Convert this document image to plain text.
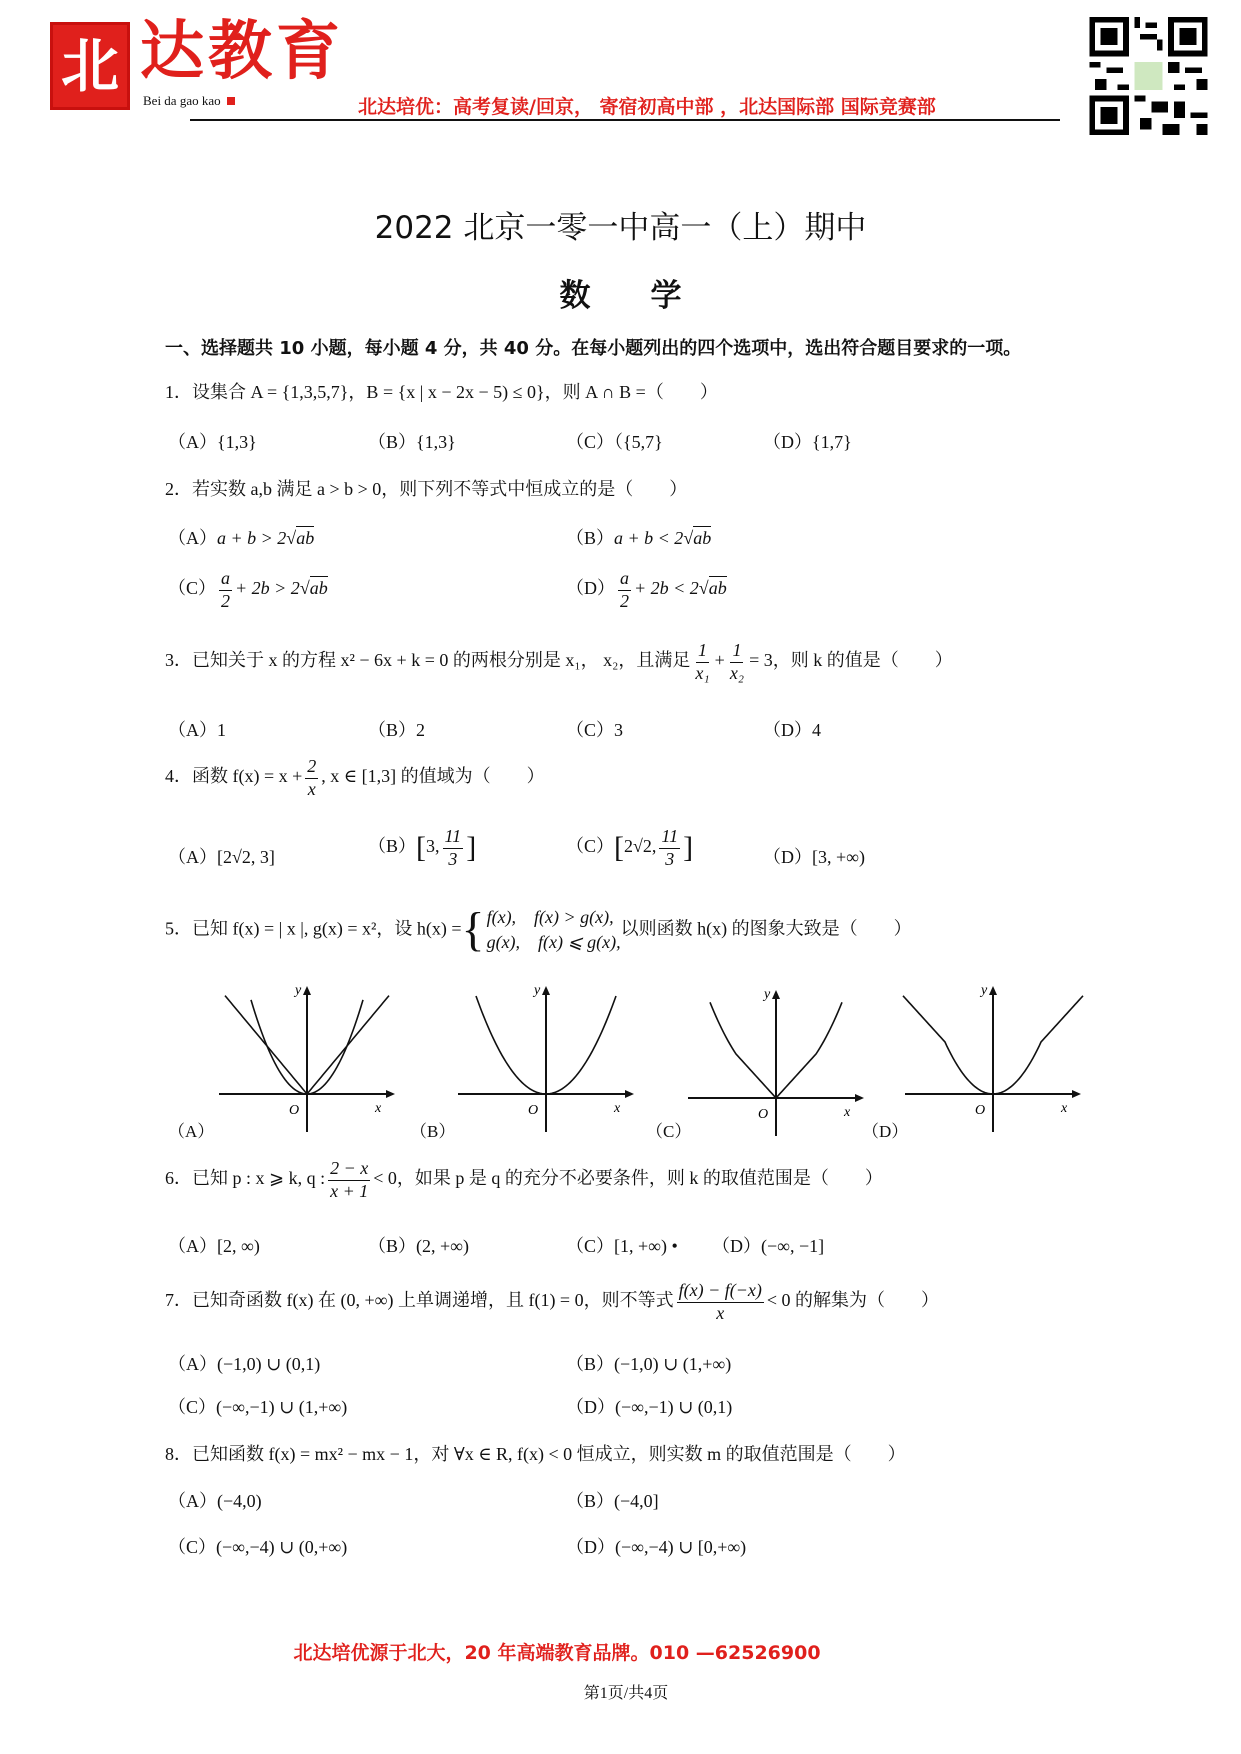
北 达教育
Bei da gao kao	北达培优：高考复读/回京， 寄宿初高中部 ，北达国际部 国际竞赛部
2022 北京一零一中高一（上）期中
数学
一、选择题共 10 小题，每小题 4 分，共 40 分。在每小题列出的四个选项中，选出符合题目要求的一项。
1．设集合 A = {1,3,5,7}，B = {x | x − 2x − 5) ≤ 0}，则 A ∩ B =（　　）
（A）{1,3}	（B）{1,3}	（C）（{5,7}	（D）{1,7}
2．若实数 a,b 满足 a > b > 0，则下列不等式中恒成立的是（　　）
（A）a + b > 2√ab	（B）a + b < 2√ab
$(C) \frac{a}{2} + 2b > 2√ab$	$(D) \frac{a}{2} + 2b < 2√ab$
3．已知关于 x 的方程 x² − 6x + k = 0 的两根分别是 x₁， x₂，且满足 $\frac{1}{\text{x₁}} + \frac{1}{\text{x₂}} = 3$，则 k 的值是（　　）
（A）1	（B）2	（C）3	（D）4
4．函数 $f(x) = x + \frac{2}{x}$ , x ∈ [1,3] 的值域为（　　）
（A）[2√2, 3]
（B）[3, $\frac{11}{3}$ ]	（C）[2√2, $\frac{11}{3}$ ]	（D）[3, +∞)
5．已知 f(x) = | x |, g(x) = x²，设 h(x) = { f(x),　f(x) > g(x),
g(x),　f(x) ⩽ g(x),
以则函数 h(x) 的图象大致是（　　）
y
x
O
y
x
O
y
x
O
y
x
O
（A）	（B）	（C）	（D）
6．已知 p : x ⩾ k, q : $\frac{2 - x}{x + 1} < 0$，如果 p 是 q 的充分不必要条件，则 k 的取值范围是（　　）
（A）[2, ∞)	（B）(2, +∞)	（C）[1, +∞) • （D）(−∞, −1]
7．已知奇函数 f(x) 在 (0, +∞) 上单调递增，且 f(1) = 0，则不等式 $\frac{f(x) - f(-x)}{x} < 0$ 的解集为（　　）
（A）(−1,0) ∪ (0,1)	（B）(−1,0) ∪ (1,+∞)
（C）(−∞,−1) ∪ (1,+∞)	（D）(−∞,−1) ∪ (0,1)
8．已知函数 f(x) = mx² − mx − 1，对 ∀x ∈ R, f(x) < 0 恒成立，则实数 m 的取值范围是（　　）
（A）(−4,0)	（B）(−4,0]
（C）(−∞,−4) ∪ (0,+∞)	（D）(−∞,−4) ∪ [0,+∞)
北达培优源于北大，20 年高端教育品牌。010 —62526900
第1页/共4页
